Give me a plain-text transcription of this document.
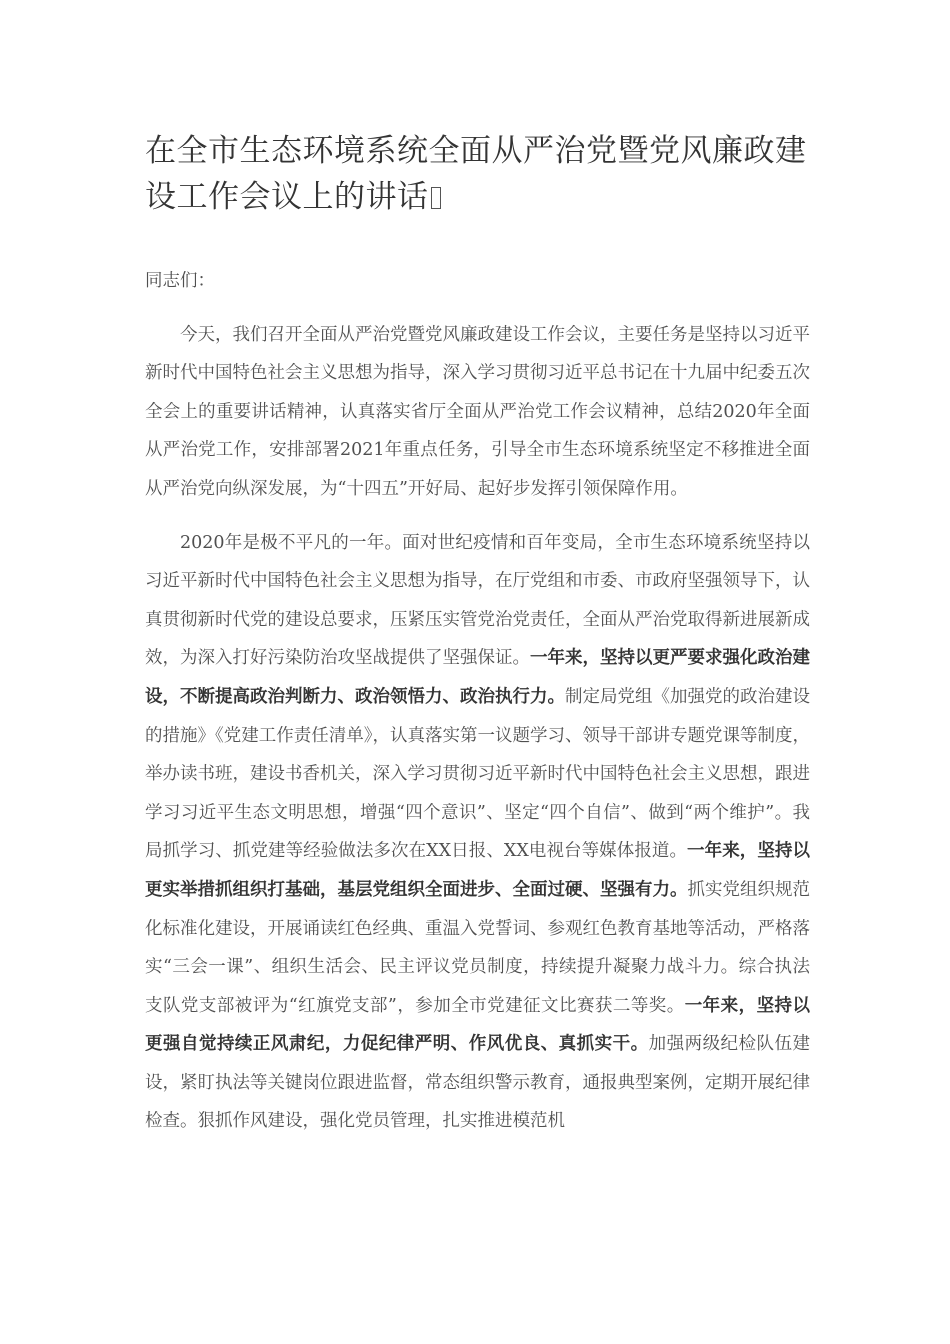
在全市生态环境系统全面从严治党暨党风廉政建设工作会议上的讲话

同志们：

今天，我们召开全面从严治党暨党风廉政建设工作会议，主要任务是坚持以习近平新时代中国特色社会主义思想为指导，深入学习贯彻习近平总书记在十九届中纪委五次全会上的重要讲话精神，认真落实省厅全面从严治党工作会议精神，总结2020年全面从严治党工作，安排部署2021年重点任务，引导全市生态环境系统坚定不移推进全面从严治党向纵深发展，为“十四五”开好局、起好步发挥引领保障作用。

2020年是极不平凡的一年。面对世纪疫情和百年变局，全市生态环境系统坚持以习近平新时代中国特色社会主义思想为指导，在厅党组和市委、市政府坚强领导下，认真贯彻新时代党的建设总要求，压紧压实管党治党责任，全面从严治党取得新进展新成效，为深入打好污染防治攻坚战提供了坚强保证。一年来，坚持以更严要求强化政治建设，不断提高政治判断力、政治领悟力、政治执行力。制定局党组《加强党的政治建设的措施》《党建工作责任清单》，认真落实第一议题学习、领导干部讲专题党课等制度，举办读书班，建设书香机关，深入学习贯彻习近平新时代中国特色社会主义思想，跟进学习习近平生态文明思想，增强“四个意识”、坚定“四个自信”、做到“两个维护”。我局抓学习、抓党建等经验做法多次在XX日报、XX电视台等媒体报道。一年来，坚持以更实举措抓组织打基础，基层党组织全面进步、全面过硬、坚强有力。抓实党组织规范化标准化建设，开展诵读红色经典、重温入党誓词、参观红色教育基地等活动，严格落实“三会一课”、组织生活会、民主评议党员制度，持续提升凝聚力战斗力。综合执法支队党支部被评为“红旗党支部”，参加全市党建征文比赛获二等奖。一年来，坚持以更强自觉持续正风肃纪，力促纪律严明、作风优良、真抓实干。加强两级纪检队伍建设，紧盯执法等关键岗位跟进监督，常态组织警示教育，通报典型案例，定期开展纪律检查。狠抓作风建设，强化党员管理，扎实推进模范机
